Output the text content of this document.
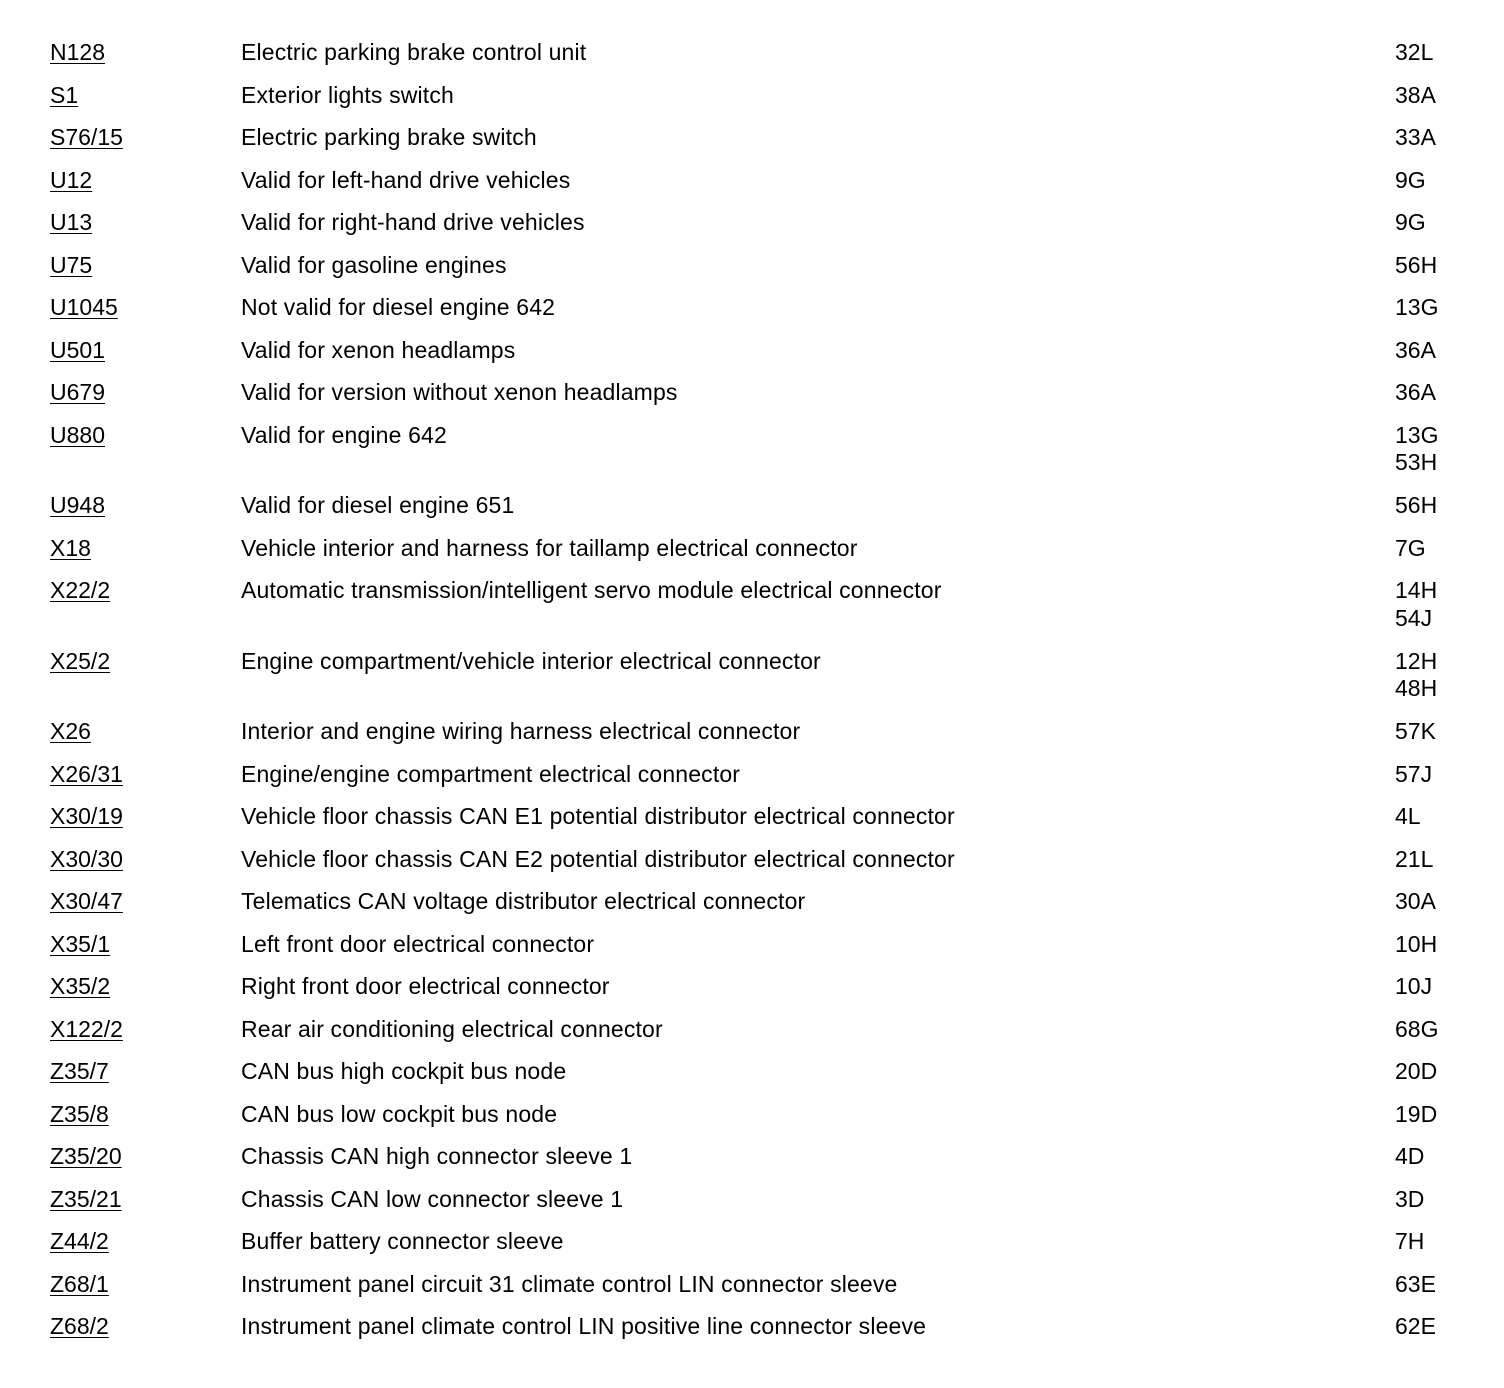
N128	Electric parking brake control unit	32L
S1	Exterior lights switch	38A
S76/15	Electric parking brake switch	33A
U12	Valid for left-hand drive vehicles	9G
U13	Valid for right-hand drive vehicles	9G
U75	Valid for gasoline engines	56H
U1045	Not valid for diesel engine 642	13G
U501	Valid for xenon headlamps	36A
U679	Valid for version without xenon headlamps	36A
U880	Valid for engine 642	13G
53H
U948	Valid for diesel engine 651	56H
X18	Vehicle interior and harness for taillamp electrical connector	7G
X22/2	Automatic transmission/intelligent servo module electrical connector	14H
54J
X25/2	Engine compartment/vehicle interior electrical connector	12H
48H
X26	Interior and engine wiring harness electrical connector	57K
X26/31	Engine/engine compartment electrical connector	57J
X30/19	Vehicle floor chassis CAN E1 potential distributor electrical connector	4L
X30/30	Vehicle floor chassis CAN E2 potential distributor electrical connector	21L
X30/47	Telematics CAN voltage distributor electrical connector	30A
X35/1	Left front door electrical connector	10H
X35/2	Right front door electrical connector	10J
X122/2	Rear air conditioning electrical connector	68G
Z35/7	CAN bus high cockpit bus node	20D
Z35/8	CAN bus low cockpit bus node	19D
Z35/20	Chassis CAN high connector sleeve 1	4D
Z35/21	Chassis CAN low connector sleeve 1	3D
Z44/2	Buffer battery connector sleeve	7H
Z68/1	Instrument panel circuit 31 climate control LIN connector sleeve	63E
Z68/2	Instrument panel climate control LIN positive line connector sleeve	62E
